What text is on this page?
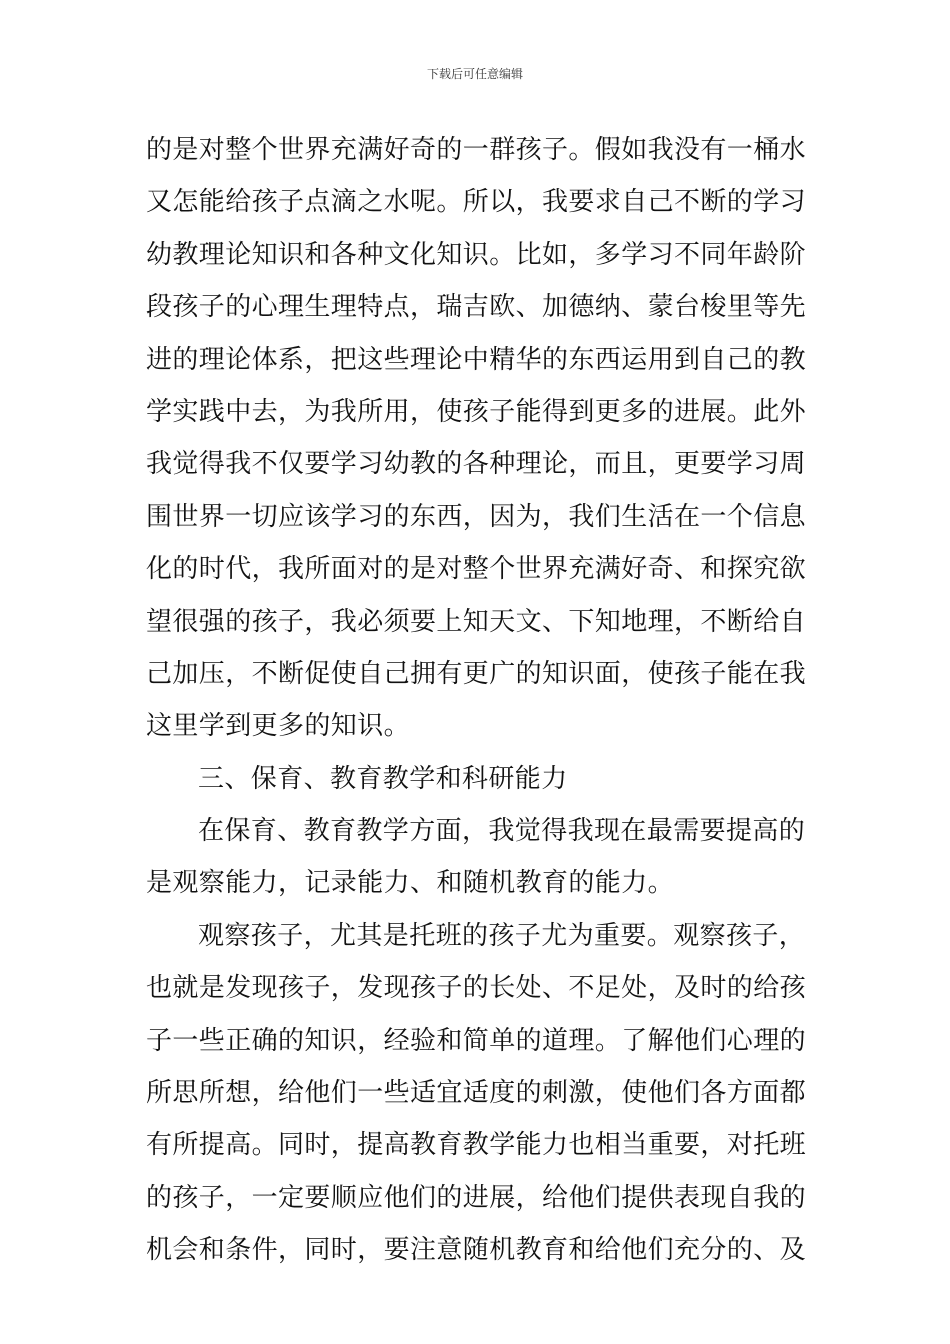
下载后可任意编辑
的是对整个世界充满好奇的一群孩子。假如我没有一桶水
又怎能给孩子点滴之水呢。所以，我要求自己不断的学习
幼教理论知识和各种文化知识。比如，多学习不同年龄阶
段孩子的心理生理特点，瑞吉欧、加德纳、蒙台梭里等先
进的理论体系，把这些理论中精华的东西运用到自己的教
学实践中去，为我所用，使孩子能得到更多的进展。此外
我觉得我不仅要学习幼教的各种理论，而且，更要学习周
围世界一切应该学习的东西，因为，我们生活在一个信息
化的时代，我所面对的是对整个世界充满好奇、和探究欲
望很强的孩子，我必须要上知天文、下知地理，不断给自
己加压，不断促使自己拥有更广的知识面，使孩子能在我
这里学到更多的知识。
三、保育、教育教学和科研能力
在保育、教育教学方面，我觉得我现在最需要提高的
是观察能力，记录能力、和随机教育的能力。
观察孩子，尤其是托班的孩子尤为重要。观察孩子，
也就是发现孩子，发现孩子的长处、不足处，及时的给孩
子一些正确的知识，经验和简单的道理。了解他们心理的
所思所想，给他们一些适宜适度的刺激，使他们各方面都
有所提高。同时，提高教育教学能力也相当重要，对托班
的孩子，一定要顺应他们的进展，给他们提供表现自我的
机会和条件，同时，要注意随机教育和给他们充分的、及
